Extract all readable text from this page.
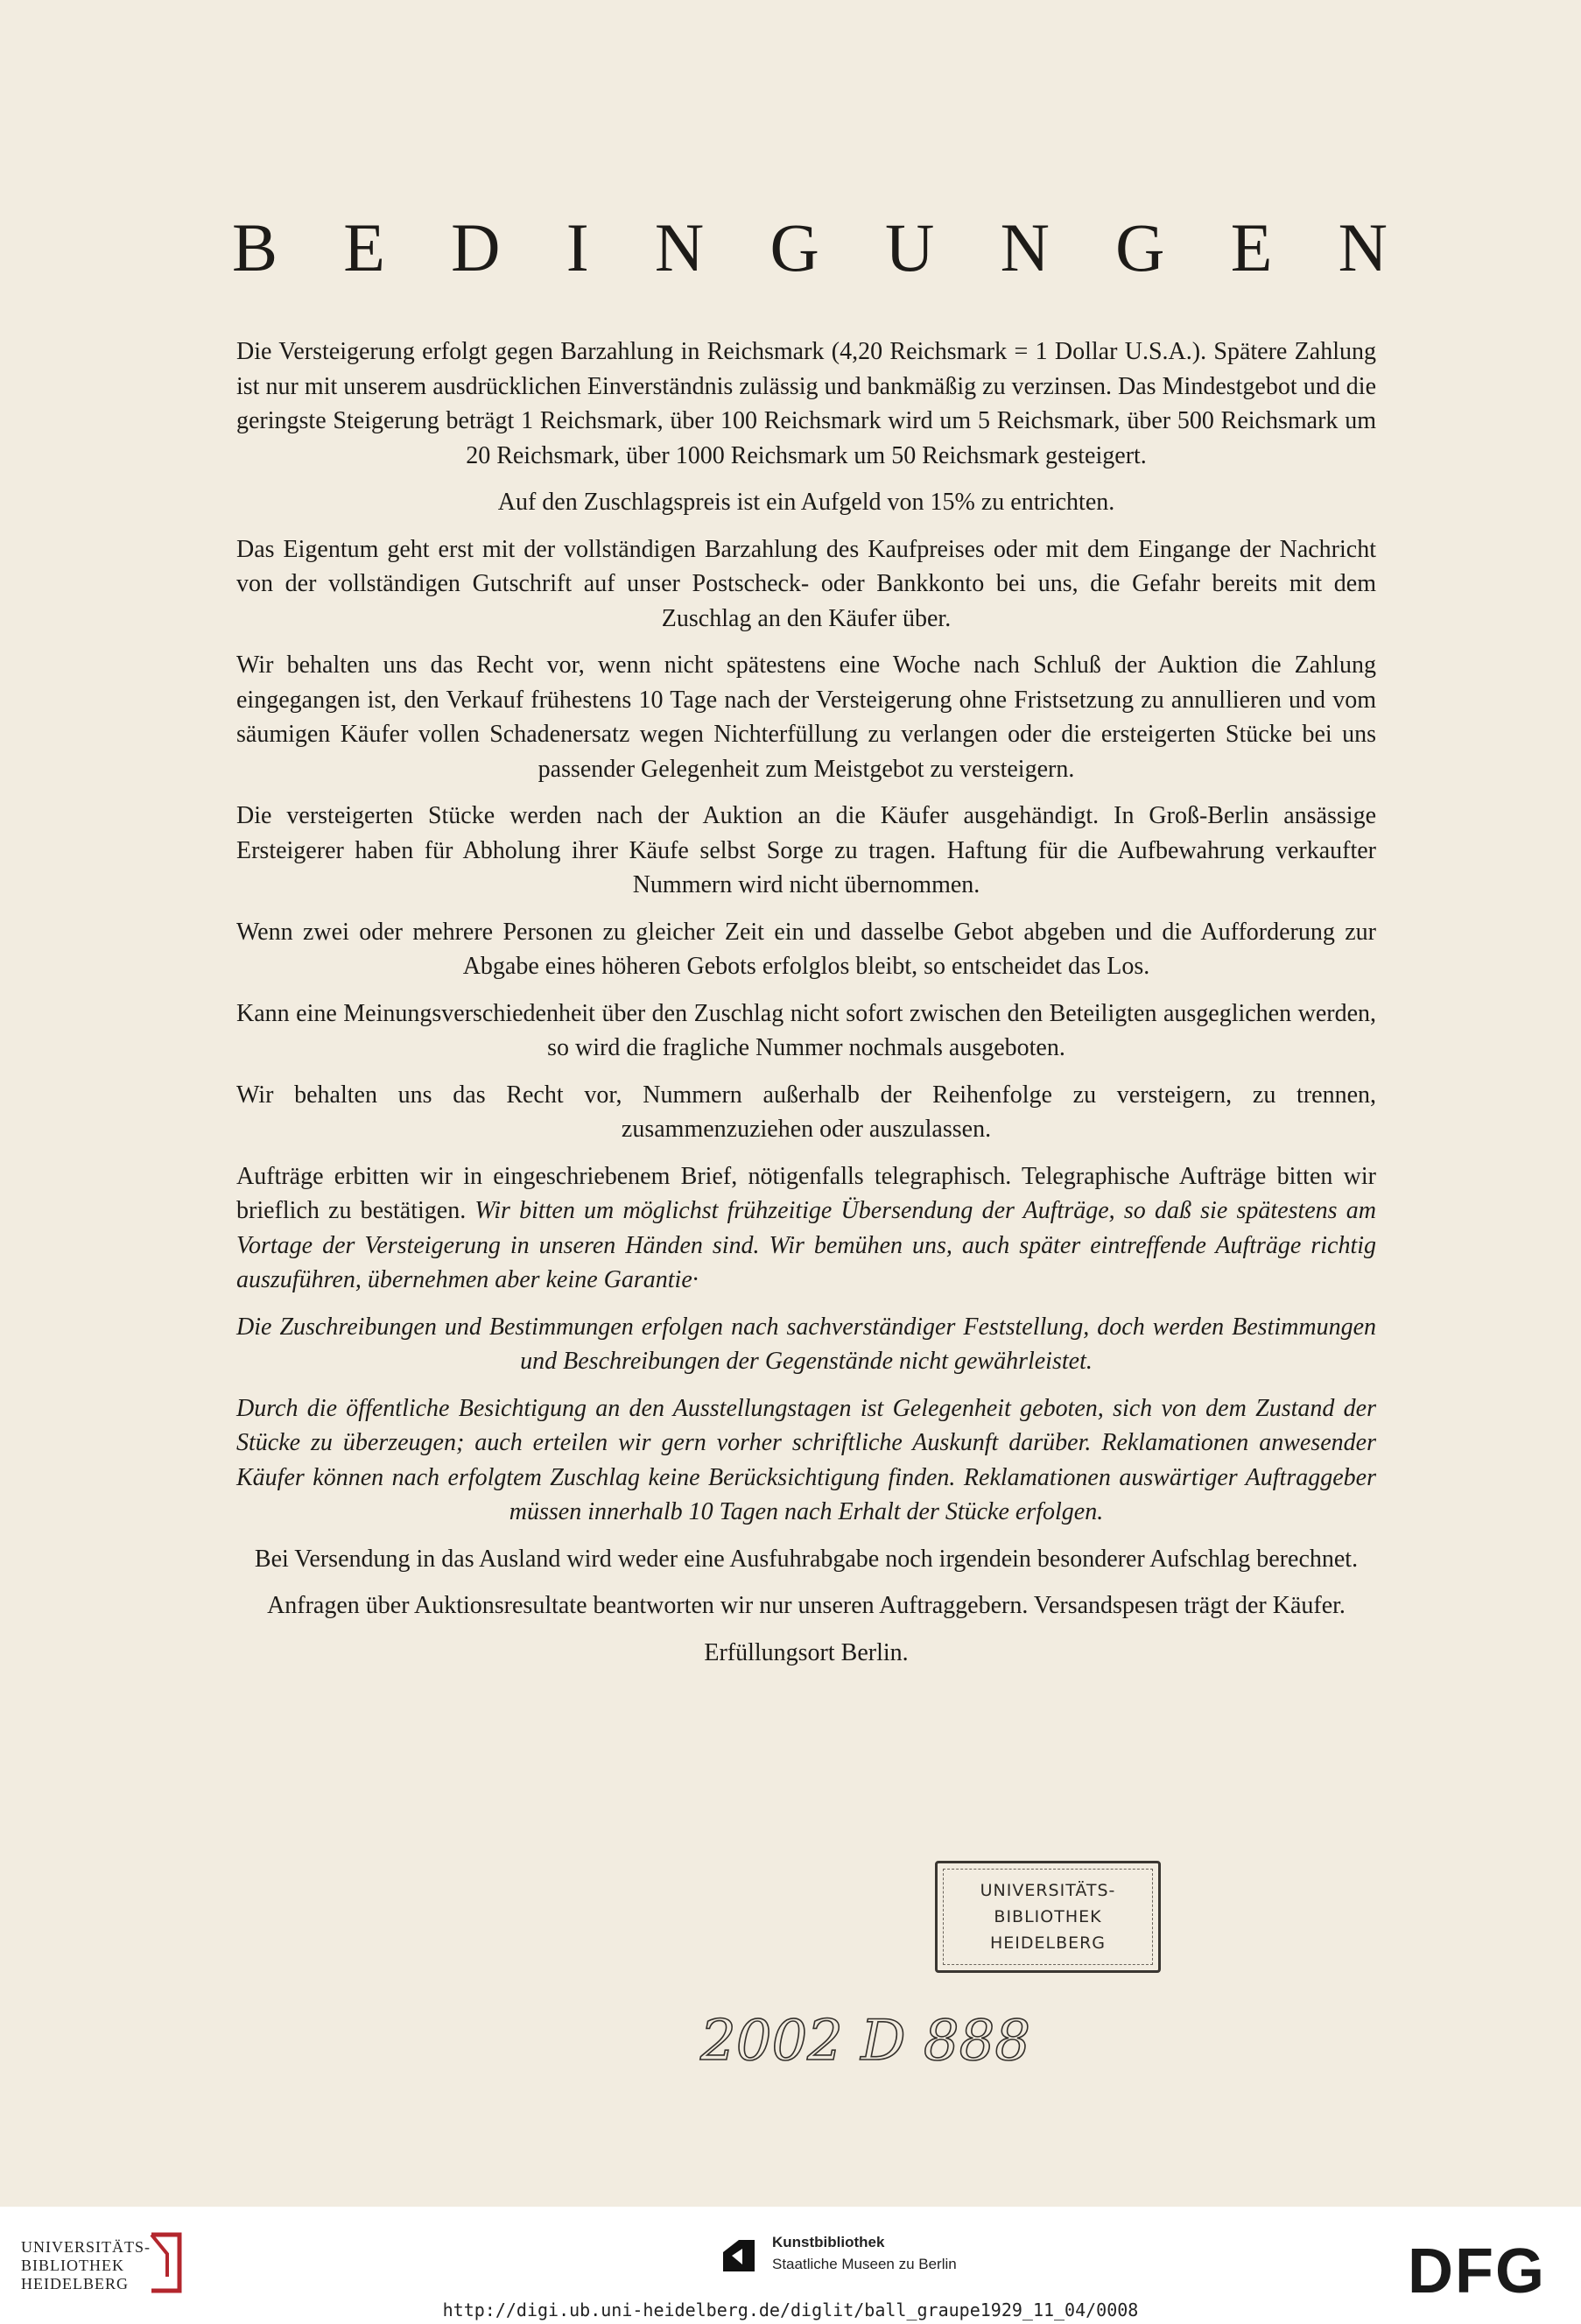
B E D I N G U N G E N

Die Versteigerung erfolgt gegen Barzahlung in Reichsmark (4,20 Reichsmark = 1 Dollar U.S.A.). Spätere Zahlung ist nur mit unserem ausdrücklichen Einverständnis zulässig und bankmäßig zu verzinsen. Das Mindestgebot und die geringste Steigerung beträgt 1 Reichsmark, über 100 Reichsmark wird um 5 Reichsmark, über 500 Reichsmark um 20 Reichsmark, über 1000 Reichsmark um 50 Reichsmark gesteigert.

Auf den Zuschlagspreis ist ein Aufgeld von 15% zu entrichten.

Das Eigentum geht erst mit der vollständigen Barzahlung des Kaufpreises oder mit dem Eingange der Nachricht von der vollständigen Gutschrift auf unser Postscheck- oder Bankkonto bei uns, die Gefahr bereits mit dem Zuschlag an den Käufer über.

Wir behalten uns das Recht vor, wenn nicht spätestens eine Woche nach Schluß der Auktion die Zahlung eingegangen ist, den Verkauf frühestens 10 Tage nach der Versteigerung ohne Fristsetzung zu annullieren und vom säumigen Käufer vollen Schadenersatz wegen Nichterfüllung zu verlangen oder die ersteigerten Stücke bei uns passender Gelegenheit zum Meistgebot zu versteigern.

Die versteigerten Stücke werden nach der Auktion an die Käufer ausgehändigt. In Groß-Berlin ansässige Ersteigerer haben für Abholung ihrer Käufe selbst Sorge zu tragen. Haftung für die Aufbewahrung verkaufter Nummern wird nicht übernommen.

Wenn zwei oder mehrere Personen zu gleicher Zeit ein und dasselbe Gebot abgeben und die Aufforderung zur Abgabe eines höheren Gebots erfolglos bleibt, so entscheidet das Los.

Kann eine Meinungsverschiedenheit über den Zuschlag nicht sofort zwischen den Beteiligten ausgeglichen werden, so wird die fragliche Nummer nochmals ausgeboten.

Wir behalten uns das Recht vor, Nummern außerhalb der Reihenfolge zu versteigern, zu trennen, zusammenzuziehen oder auszulassen.

Aufträge erbitten wir in eingeschriebenem Brief, nötigenfalls telegraphisch. Telegraphische Aufträge bitten wir brieflich zu bestätigen. Wir bitten um möglichst frühzeitige Übersendung der Aufträge, so daß sie spätestens am Vortage der Versteigerung in unseren Händen sind. Wir bemühen uns, auch später eintreffende Aufträge richtig auszuführen, übernehmen aber keine Garantie·

Die Zuschreibungen und Bestimmungen erfolgen nach sachverständiger Feststellung, doch werden Bestimmungen und Beschreibungen der Gegenstände nicht gewährleistet.

Durch die öffentliche Besichtigung an den Ausstellungstagen ist Gelegenheit geboten, sich von dem Zustand der Stücke zu überzeugen; auch erteilen wir gern vorher schriftliche Auskunft darüber. Reklamationen anwesender Käufer können nach erfolgtem Zuschlag keine Berücksichtigung finden. Reklamationen auswärtiger Auftraggeber müssen innerhalb 10 Tagen nach Erhalt der Stücke erfolgen.

Bei Versendung in das Ausland wird weder eine Ausfuhrabgabe noch irgendein besonderer Aufschlag berechnet.

Anfragen über Auktionsresultate beantworten wir nur unseren Auftraggebern. Versandspesen trägt der Käufer.

Erfüllungsort Berlin.

UNIVERSITÄTS-
BIBLIOTHEK
HEIDELBERG
2002 D 888
UNIVERSITÄTS-
BIBLIOTHEK
HEIDELBERG
Kunstbibliothek
Staatliche Museen zu Berlin	DFG
http://digi.ub.uni-heidelberg.de/diglit/ball_graupe1929_11_04/0008
